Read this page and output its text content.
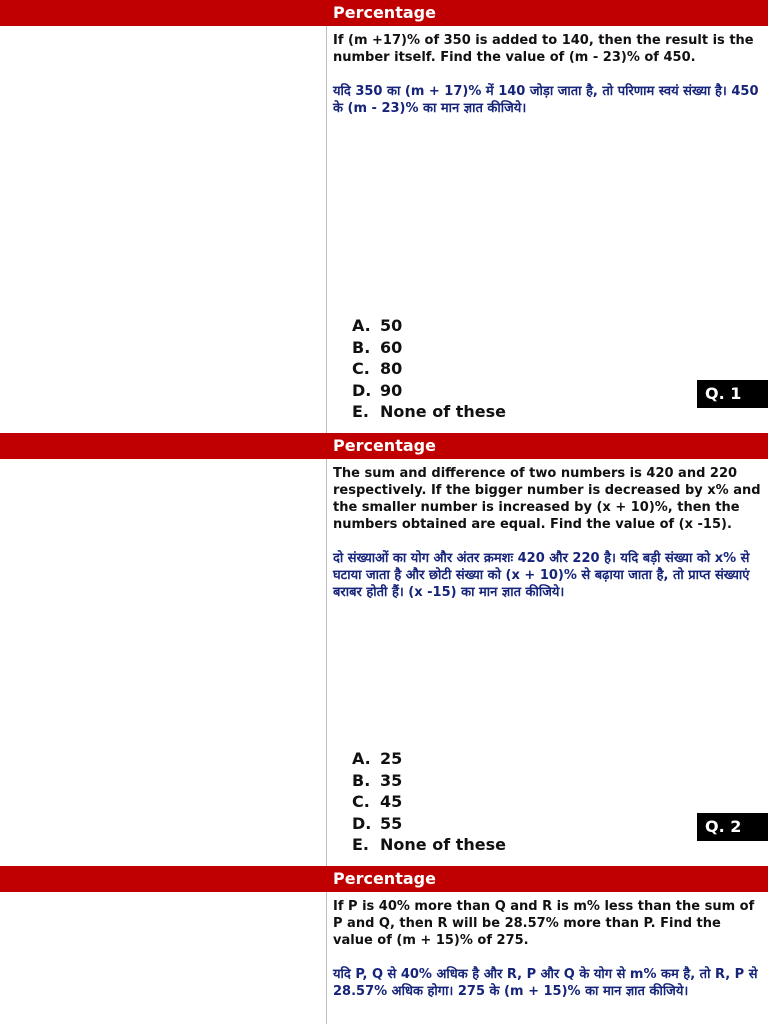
Percentage
If (m +17)% of 350 is added to 140, then the result is the number itself. Find the value of (m - 23)% of 450.
यदि 350 का (m + 17)% में 140 जोड़ा जाता है, तो परिणाम स्वयं संख्या है। 450 के (m - 23)% का मान ज्ञात कीजिये।
A. 50
B. 60
C. 80
D. 90
E. None of these
Q. 1
Percentage
The sum and difference of two numbers is 420 and 220 respectively. If the bigger number is decreased by x% and the smaller number is increased by (x + 10)%, then the numbers obtained are equal. Find the value of (x -15).
दो संख्याओं का योग और अंतर क्रमशः 420 और 220 है। यदि बड़ी संख्या को x% से घटाया जाता है और छोटी संख्या को (x + 10)% से बढ़ाया जाता है, तो प्राप्त संख्याएं बराबर होती हैं। (x -15) का मान ज्ञात कीजिये।
A. 25
B. 35
C. 45
D. 55
E. None of these
Q. 2
Percentage
If P is 40% more than Q and R is m% less than the sum of P and Q, then R will be 28.57% more than P. Find the value of (m + 15)% of 275.
यदि P, Q से 40% अधिक है और R, P और Q के योग से m% कम है, तो R, P से 28.57% अधिक होगा। 275 के (m + 15)% का मान ज्ञात कीजिये।
